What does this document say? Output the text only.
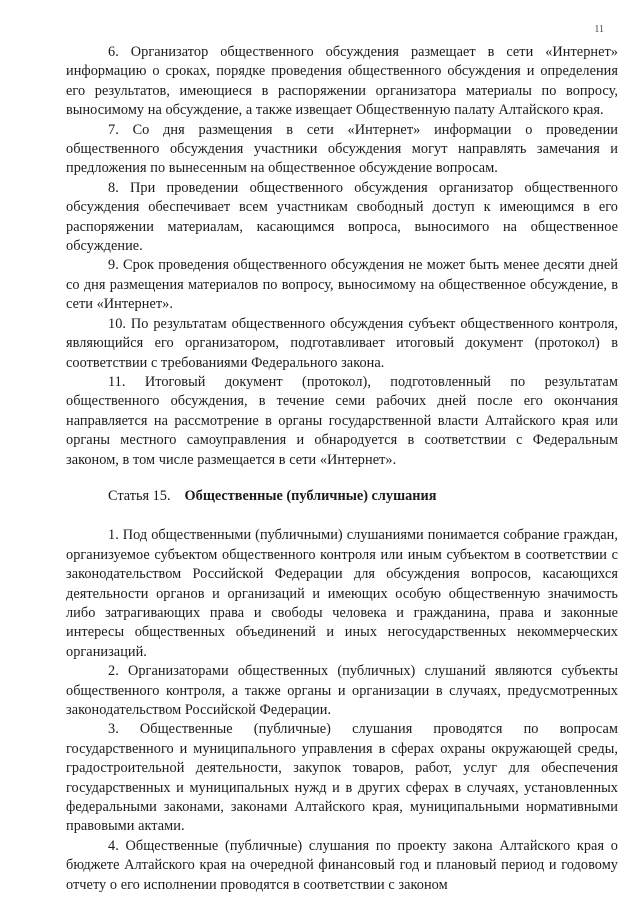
11

6. Организатор общественного обсуждения размещает в сети «Интернет» информацию о сроках, порядке проведения общественного обсуждения и определения его результатов, имеющиеся в распоряжении организатора материалы по вопросу, выносимому на обсуждение, а также извещает Общественную палату Алтайского края.

7. Со дня размещения в сети «Интернет» информации о проведении общественного обсуждения участники обсуждения могут направлять замечания и предложения по вынесенным на общественное обсуждение вопросам.

8. При проведении общественного обсуждения организатор общественного обсуждения обеспечивает всем участникам свободный доступ к имеющимся в его распоряжении материалам, касающимся вопроса, выносимого на общественное обсуждение.

9. Срок проведения общественного обсуждения не может быть менее десяти дней со дня размещения материалов по вопросу, выносимому на общественное обсуждение, в сети «Интернет».

10. По результатам общественного обсуждения субъект общественного контроля, являющийся его организатором, подготавливает итоговый документ (протокол) в соответствии с требованиями Федерального закона.

11. Итоговый документ (протокол), подготовленный по результатам общественного обсуждения, в течение семи рабочих дней после его окончания направляется на рассмотрение в органы государственной власти Алтайского края или органы местного самоуправления и обнародуется в соответствии с Федеральным законом, в том числе размещается в сети «Интернет».

Статья 15. Общественные (публичные) слушания

1. Под общественными (публичными) слушаниями понимается собрание граждан, организуемое субъектом общественного контроля или иным субъектом в соответствии с законодательством Российской Федерации для обсуждения вопросов, касающихся деятельности органов и организаций и имеющих особую общественную значимость либо затрагивающих права и свободы человека и гражданина, права и законные интересы общественных объединений и иных негосударственных некоммерческих организаций.

2. Организаторами общественных (публичных) слушаний являются субъекты общественного контроля, а также органы и организации в случаях, предусмотренных законодательством Российской Федерации.

3. Общественные (публичные) слушания проводятся по вопросам государственного и муниципального управления в сферах охраны окружающей среды, градостроительной деятельности, закупок товаров, работ, услуг для обеспечения государственных и муниципальных нужд и в других сферах в случаях, установленных федеральными законами, законами Алтайского края, муниципальными нормативными правовыми актами.

4. Общественные (публичные) слушания по проекту закона Алтайского края о бюджете Алтайского края на очередной финансовый год и плановый период и годовому отчету о его исполнении проводятся в соответствии с законом
